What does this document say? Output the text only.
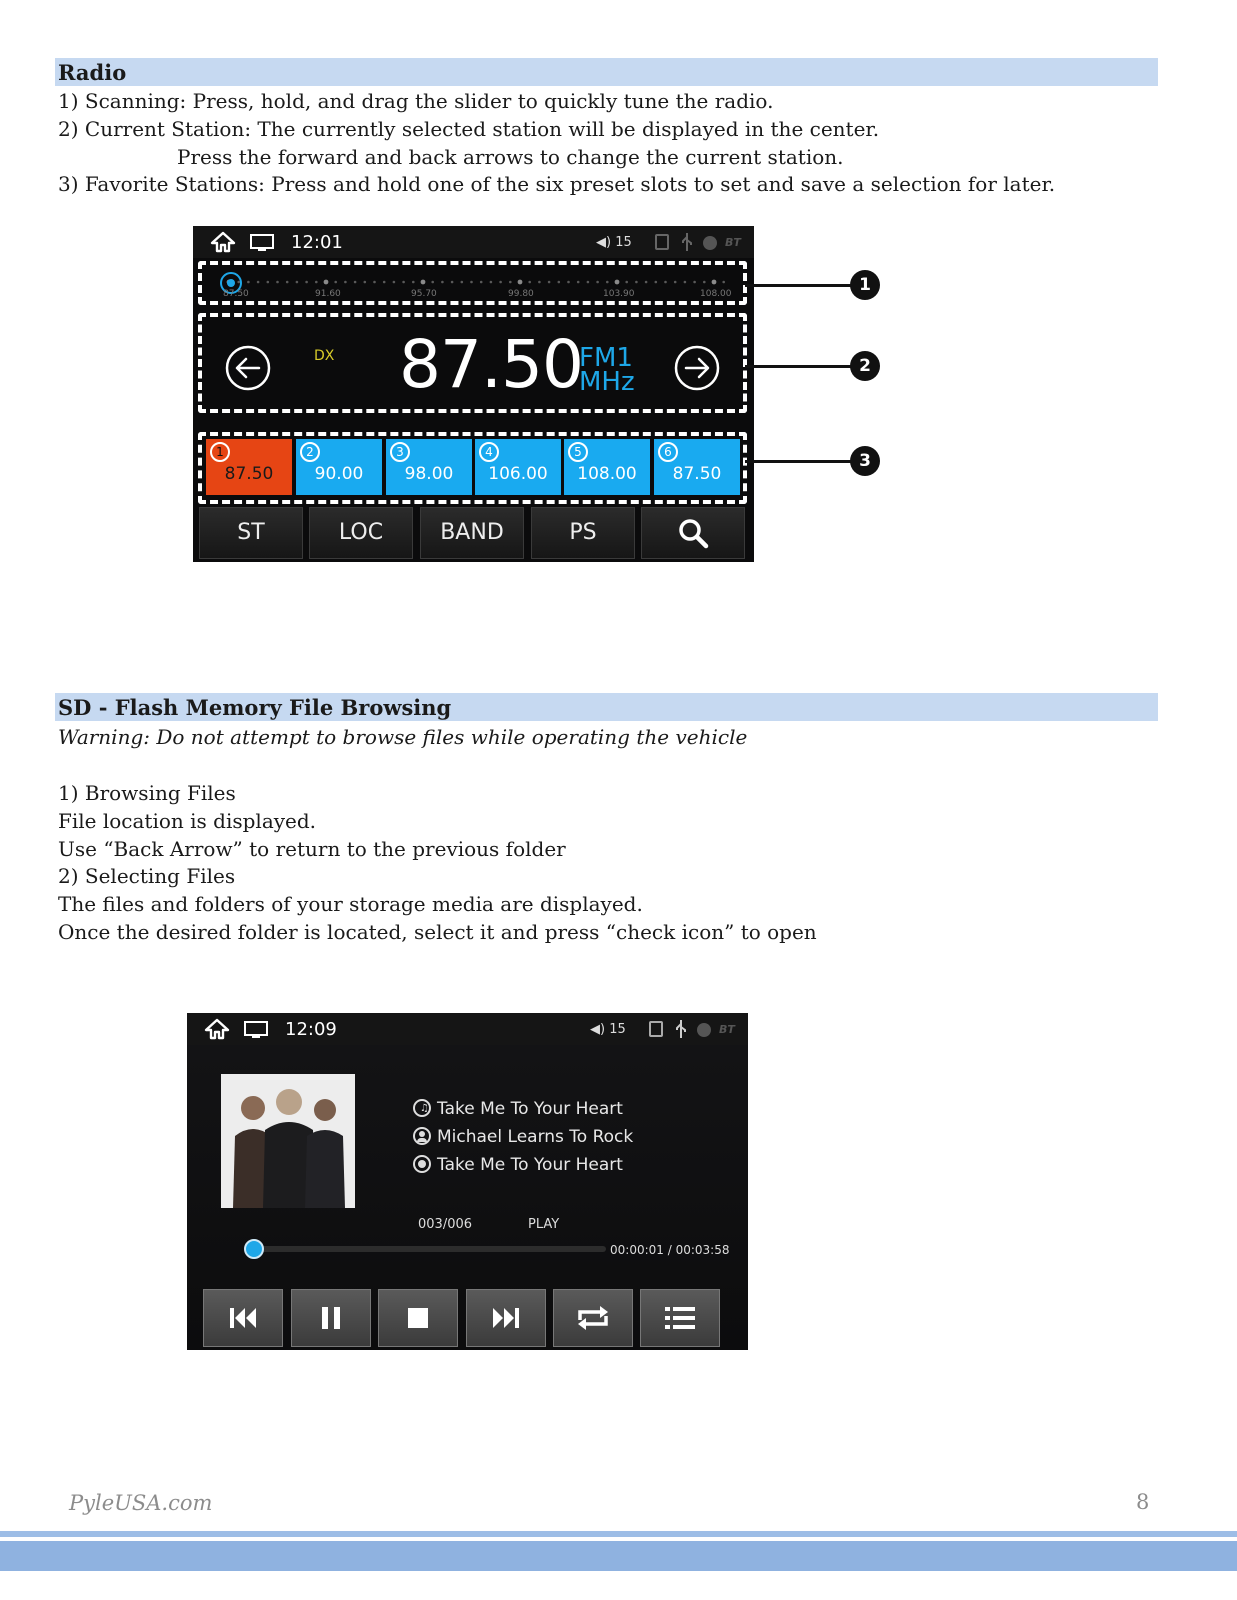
Radio
1) Scanning: Press, hold, and drag the slider to quickly tune the radio.
2) Current Station: The currently selected station will be displayed in the center.
Press the forward and back arrows to change the current station.
3) Favorite Stations: Press and hold one of the six preset slots to set and save a selection for later.
12:01	◀) 15	BT
87.50	91.60	95.70	99.80	103.90	108.00
DX 87.50
FM1
MHz
1
87.50
2
90.00
3
98.00
4
106.00
5
108.00
6
87.50
ST	LOC	BAND	PS
1
2
3
SD - Flash Memory File Browsing
Warning: Do not attempt to browse files while operating the vehicle
1) Browsing Files
File location is displayed.
Use “Back Arrow” to return to the previous folder
2) Selecting Files
The files and folders of your storage media are displayed.
Once the desired folder is located, select it and press “check icon” to open
12:09	◀) 15	BT
♫ Take Me To Your Heart
Michael Learns To Rock
Take Me To Your Heart
003/006	PLAY
00:00:01 / 00:03:58
PyleUSA.com	8
